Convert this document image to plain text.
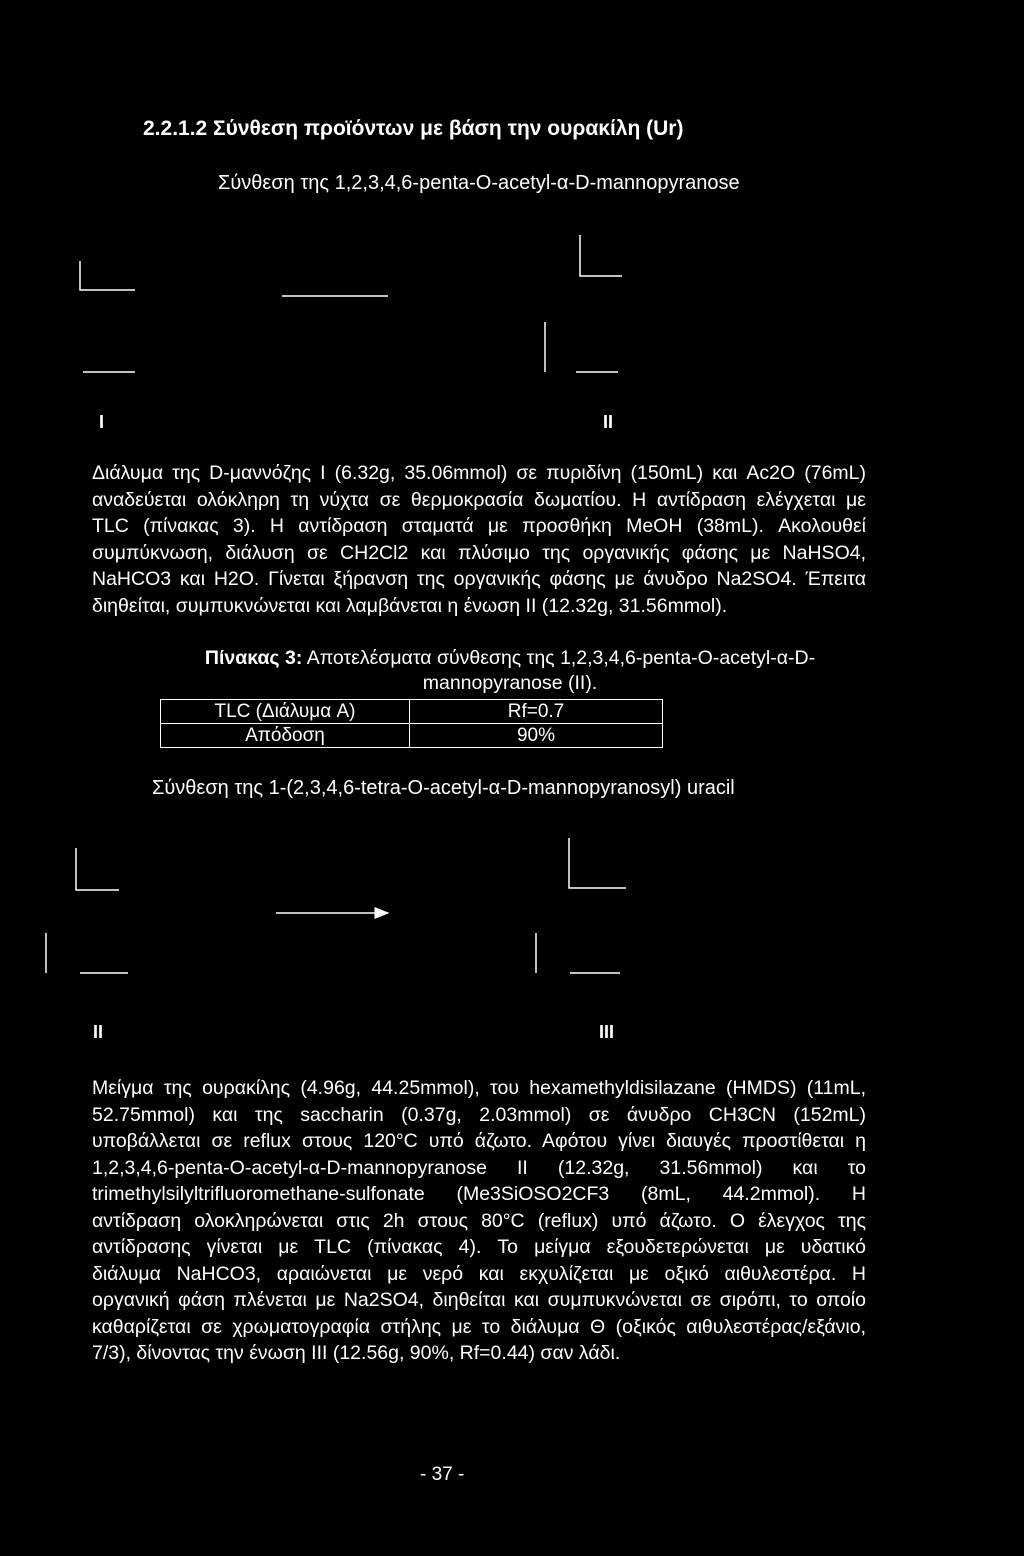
2.2.1.2 Σύνθεση προϊόντων με βάση την ουρακίλη (Ur)
Σύνθεση της 1,2,3,4,6-penta-O-acetyl-α-D-mannopyranose
I	II
Διάλυμα της D-μαννόζης I (6.32g, 35.06mmol) σε πυριδίνη (150mL) και Ac2O (76mL)
αναδεύεται ολόκληρη τη νύχτα σε θερμοκρασία δωματίου. Η αντίδραση ελέγχεται με
TLC (πίνακας 3). Η αντίδραση σταματά με προσθήκη MeOH (38mL). Ακολουθεί
συμπύκνωση, διάλυση σε CH2Cl2 και πλύσιμο της οργανικής φάσης με NaHSO4,
NaHCO3 και H2O. Γίνεται ξήρανση της οργανικής φάσης με άνυδρο Na2SO4. Έπειτα
διηθείται, συμπυκνώνεται και λαμβάνεται η ένωση II (12.32g, 31.56mmol).
Πίνακας 3: Αποτελέσματα σύνθεσης της 1,2,3,4,6-penta-O-acetyl-α-D-mannopyranose (II).
TLC (Διάλυμα A)	Rf=0.7
Απόδοση	90%
Σύνθεση της 1-(2,3,4,6-tetra-O-acetyl-α-D-mannopyranosyl) uracil
II	III
Μείγμα της ουρακίλης (4.96g, 44.25mmol), του hexamethyldisilazane (HMDS) (11mL,
52.75mmol) και της saccharin (0.37g, 2.03mmol) σε άνυδρο CH3CN (152mL)
υποβάλλεται σε reflux στους 120°C υπό άζωτο. Αφότου γίνει διαυγές προστίθεται η
1,2,3,4,6-penta-O-acetyl-α-D-mannopyranose II (12.32g, 31.56mmol) και το
trimethylsilyltrifluoromethane-sulfonate (Me3SiOSO2CF3 (8mL, 44.2mmol). Η
αντίδραση ολοκληρώνεται στις 2h στους 80°C (reflux) υπό άζωτο. Ο έλεγχος της
αντίδρασης γίνεται με TLC (πίνακας 4). Το μείγμα εξουδετερώνεται με υδατικό
διάλυμα NaHCO3, αραιώνεται με νερό και εκχυλίζεται με οξικό αιθυλεστέρα. Η
οργανική φάση πλένεται με Na2SO4, διηθείται και συμπυκνώνεται σε σιρόπι, το οποίο
καθαρίζεται σε χρωματογραφία στήλης με το διάλυμα Θ (οξικός αιθυλεστέρας/εξάνιο,
7/3), δίνοντας την ένωση III (12.56g, 90%, Rf=0.44) σαν λάδι.
- 37 -
